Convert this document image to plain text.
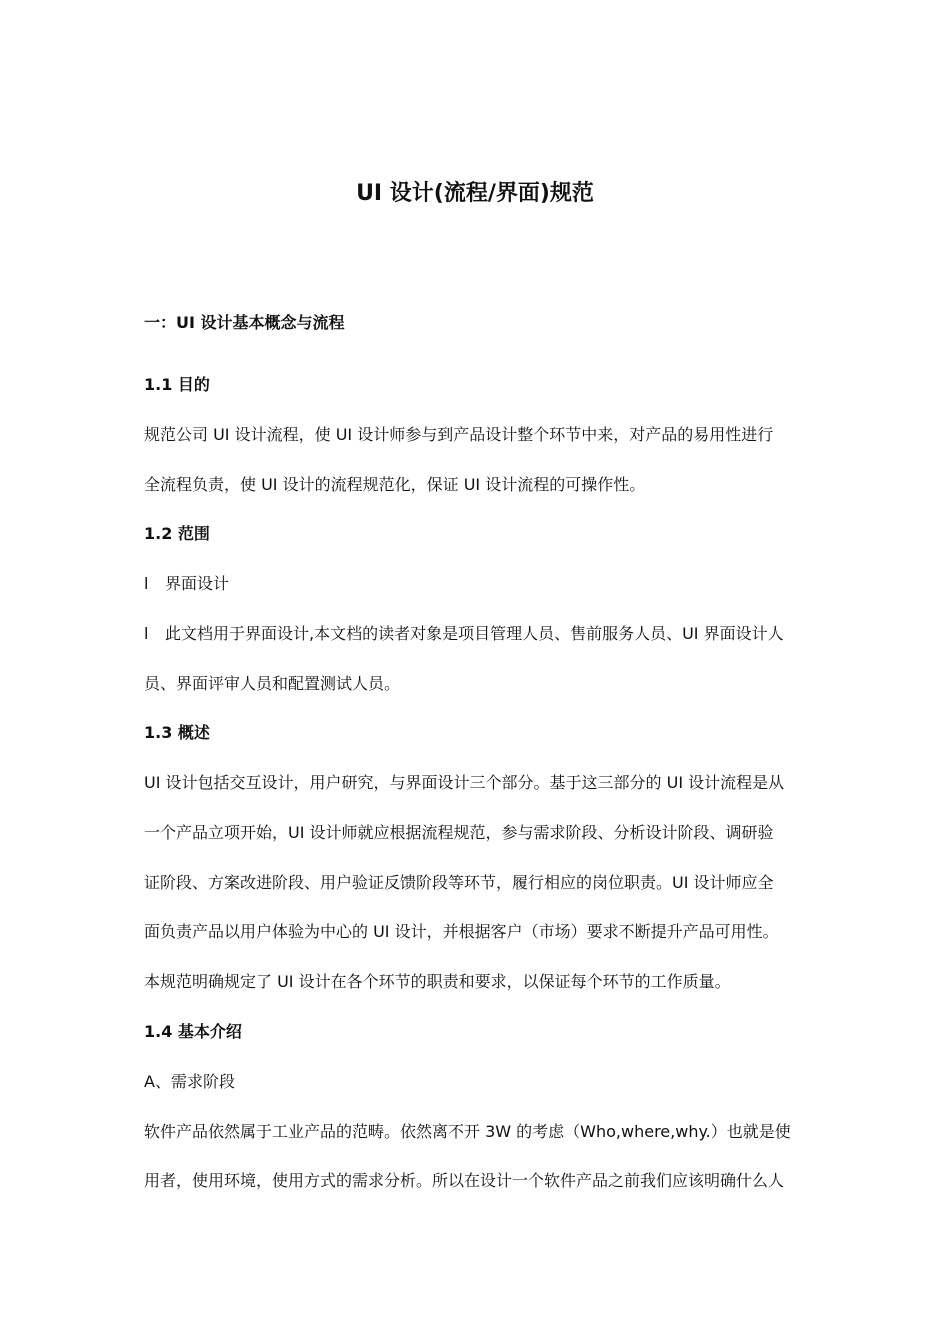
UI 设计(流程/界面)规范
一：UI 设计基本概念与流程
1.1 目的
规范公司 UI 设计流程，使 UI 设计师参与到产品设计整个环节中来，对产品的易用性进行
全流程负责，使 UI 设计的流程规范化，保证 UI 设计流程的可操作性。
1.2 范围
l 界面设计
l 此文档用于界面设计,本文档的读者对象是项目管理人员、售前服务人员、UI 界面设计人
员、界面评审人员和配置测试人员。
1.3 概述
UI 设计包括交互设计，用户研究，与界面设计三个部分。基于这三部分的 UI 设计流程是从
一个产品立项开始，UI 设计师就应根据流程规范，参与需求阶段、分析设计阶段、调研验
证阶段、方案改进阶段、用户验证反馈阶段等环节，履行相应的岗位职责。UI 设计师应全
面负责产品以用户体验为中心的 UI 设计，并根据客户（市场）要求不断提升产品可用性。
本规范明确规定了 UI 设计在各个环节的职责和要求，以保证每个环节的工作质量。
1.4 基本介绍
A、需求阶段
软件产品依然属于工业产品的范畴。依然离不开 3W 的考虑（Who,where,why.）也就是使
用者，使用环境，使用方式的需求分析。所以在设计一个软件产品之前我们应该明确什么人
